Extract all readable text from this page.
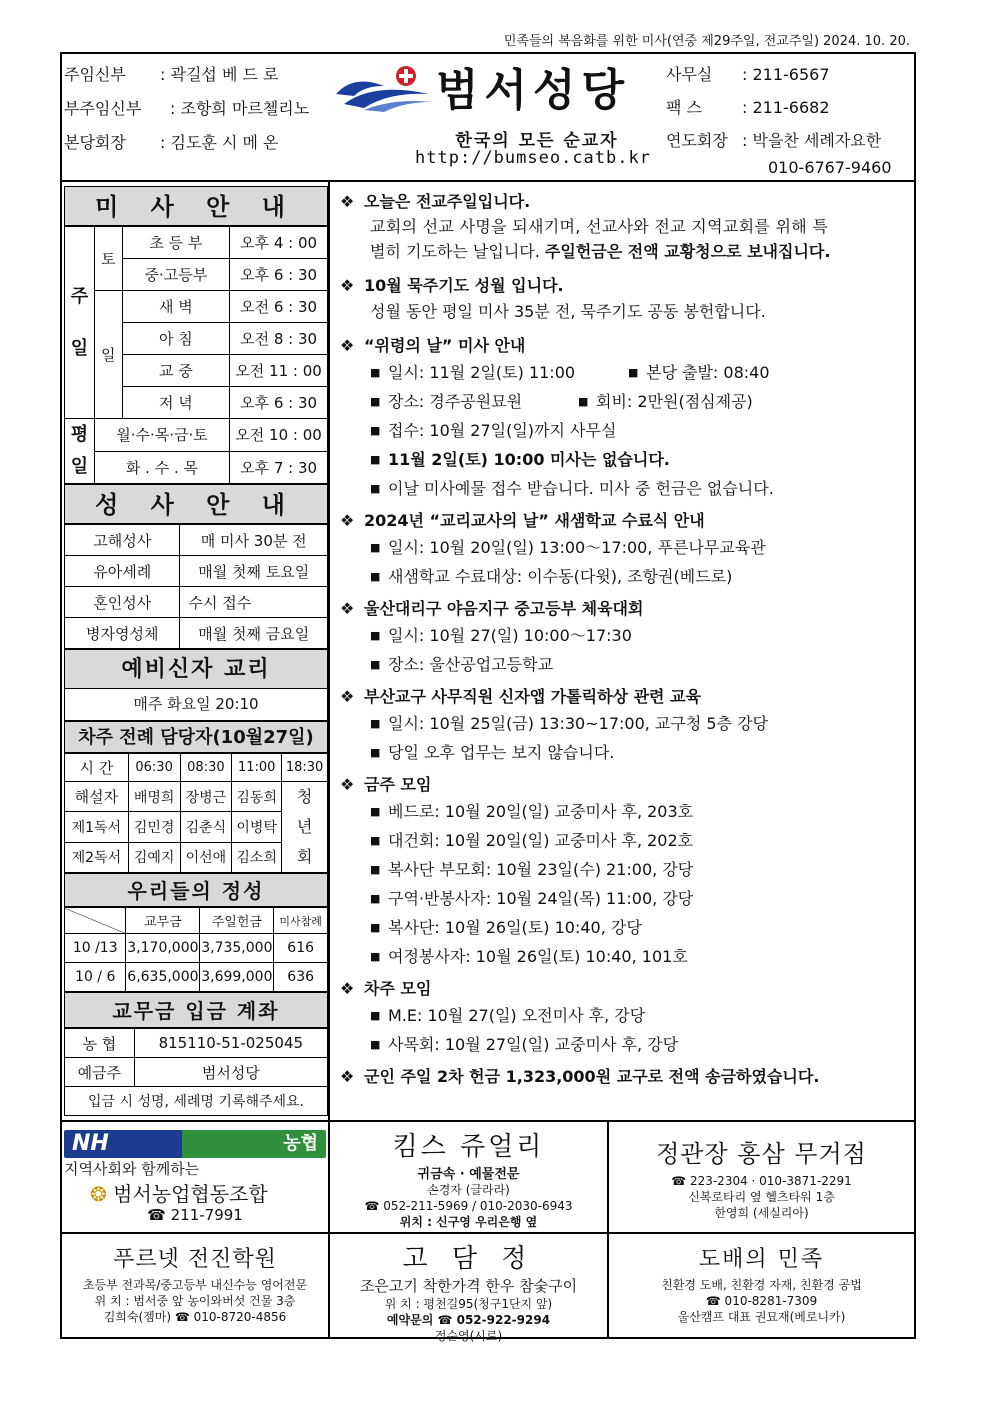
민족들의 복음화를 위한 미사(연중 제29주일, 전교주일) 2024. 10. 20.
주임신부 : 곽길섭 베 드 로
부주임신부 : 조항희 마르첼리노
본당회장 : 김도훈 시 메 온
범서성당
한국의 모든 순교자
http://bumseo.catb.kr
사무실 : 211-6567
팩 스	: 211-6682
연도회장 : 박을찬 세례자요한
010-6767-9460
미 사 안 내
주
일	토	초 등 부	오후 4 : 00
		중·고등부	오후 6 : 30
	일	새 벽	오전 6 : 30
		아 침	오전 8 : 30
		교 중	오전 11 : 00
		저 녁	오후 6 : 30
평
일	월·수·목·금·토		오전 10 : 00
	화 . 수 . 목		오후 7 : 30
성 사 안 내
고해성사	매 미사 30분 전
유아세례	매월 첫째 토요일
혼인성사	수시 접수
병자영성체	매월 첫째 금요일
예비신자 교리
매주 화요일 20:10
차주 전례 담당자(10월27일)
시 간	06:30	08:30	11:00	18:30
해설자	배명희	장병근	김동희	청
년
회
제1독서	김민경	김춘식	이병탁	
제2독서	김예지	이선애	김소희	
우리들의 정성
	교무금	주일헌금	미사참례
10 /13	3,170,000	3,735,000	616
10 / 6	6,635,000	3,699,000	636
교무금 입금 계좌
농 협	815110-51-025045
예금주	범서성당
입금 시 성명, 세례명 기록해주세요.	
❖ 오늘은 전교주일입니다.
교회의 선교 사명을 되새기며, 선교사와 전교 지역교회를 위해 특
별히 기도하는 날입니다. 주일헌금은 전액 교황청으로 보내집니다.
❖ 10월 묵주기도 성월 입니다.
성월 동안 평일 미사 35분 전, 묵주기도 공동 봉헌합니다.
❖ “위령의 날” 미사 안내
■ 일시: 11월 2일(토) 11:00	■ 본당 출발: 08:40
■ 장소: 경주공원묘원	■ 회비: 2만원(점심제공)
■ 접수: 10월 27일(일)까지 사무실
■ 11월 2일(토) 10:00 미사는 없습니다.
■ 이날 미사예물 접수 받습니다. 미사 중 헌금은 없습니다.
❖ 2024년 “교리교사의 날” 새샘학교 수료식 안내
■ 일시: 10월 20일(일) 13:00～17:00, 푸른나무교육관
■ 새샘학교 수료대상: 이수동(다윗), 조항권(베드로)
❖ 울산대리구 야음지구 중고등부 체육대회
■ 일시: 10월 27(일) 10:00～17:30
■ 장소: 울산공업고등학교
❖ 부산교구 사무직원 신자앱 가톨릭하상 관련 교육
■ 일시: 10월 25일(금) 13:30~17:00, 교구청 5층 강당
■ 당일 오후 업무는 보지 않습니다.
❖ 금주 모임
■ 베드로: 10월 20일(일) 교중미사 후, 203호
■ 대건회: 10월 20일(일) 교중미사 후, 202호
■ 복사단 부모회: 10월 23일(수) 21:00, 강당
■ 구역·반봉사자: 10월 24일(목) 11:00, 강당
■ 복사단: 10월 26일(토) 10:40, 강당
■ 여정봉사자: 10월 26일(토) 10:40, 101호
❖ 차주 모임
■ M.E: 10월 27(일) 오전미사 후, 강당
■ 사목회: 10월 27일(일) 교중미사 후, 강당
❖ 군인 주일 2차 헌금 1,323,000원 교구로 전액 송금하였습니다.
NH	농협
지역사회와 함께하는
❂ 범서농업협동조합
☎ 211-7991
킴스 쥬얼리
귀금속 · 예물전문
손경자 (글라라)
☎ 052-211-5969 / 010-2030-6943
위치 : 신구영 우리은행 옆
정관장 홍삼 무거점
☎ 223-2304 · 010-3871-2291
신복로타리 옆 헬츠타워 1층
한영희 (세실리아)
푸르넷 전진학원
초등부 전과목/중고등부 내신수능 영어전문
위 치 : 범서중 앞 농이와버섯 건물 3층
김희숙(젬마) ☎ 010-8720-4856
고 담 정
조은고기 착한가격 한우 참숯구이
위 치 : 평천길95(청구1단지 앞)
예약문의 ☎ 052-922-9294
정순영(시로)
도배의 민족
친환경 도배, 친환경 자재, 친환경 공법
☎ 010-8281-7309
울산캠프 대표 권묘재(베로니카)
